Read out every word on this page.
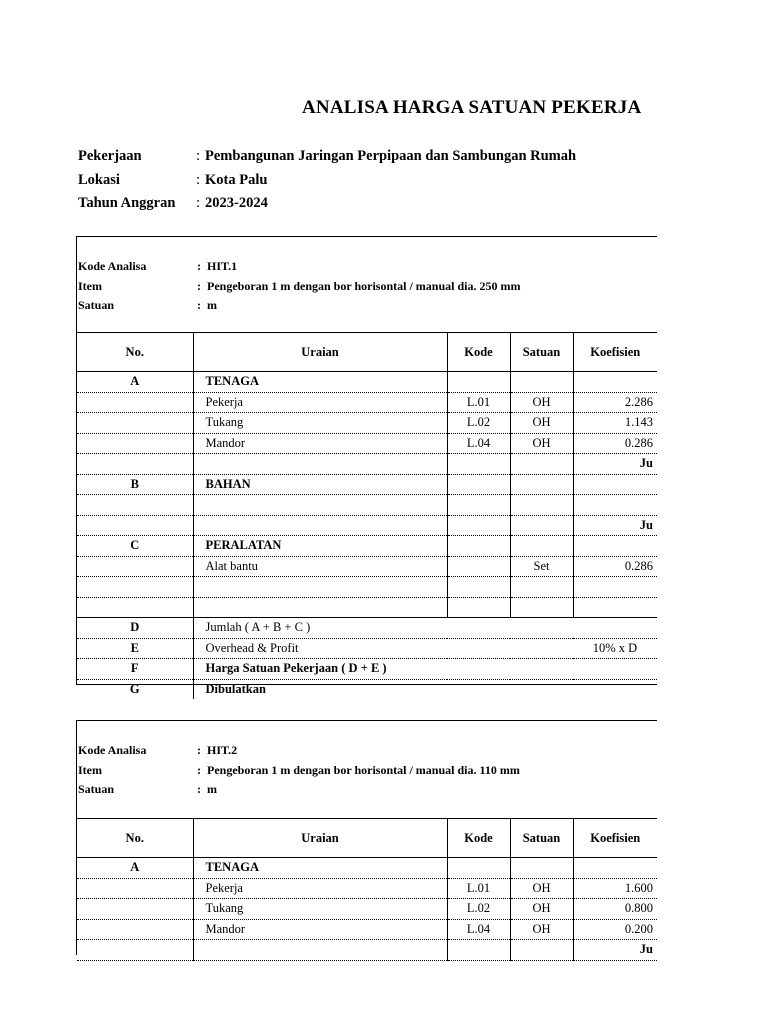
ANALISA HARGA SATUAN PEKERJA
Pekerjaan	: Pembangunan Jaringan Perpipaan dan Sambungan Rumah
Lokasi	: Kota Palu
Tahun Anggran	: 2023-2024
Kode Analisa	: HIT.1
Item	: Pengeboran 1 m dengan bor horisontal / manual dia. 250 mm
Satuan	: m
No.	Uraian	Kode	Satuan	Koefisien
A	TENAGA			
	Pekerja	L.01	OH	2.286
	Tukang	L.02	OH	1.143
	Mandor	L.04	OH	0.286
				Ju
B	BAHAN			

				Ju
C	PERALATAN			
	Alat bantu		Set	0.286

D	Jumlah ( A + B + C )			
E	Overhead & Profit			10% x D
F	Harga Satuan Pekerjaan ( D + E )			
G	Dibulatkan			
Kode Analisa	: HIT.2
Item	: Pengeboran 1 m dengan bor horisontal / manual dia. 110 mm
Satuan	: m
No.	Uraian	Kode	Satuan	Koefisien
A	TENAGA			
	Pekerja	L.01	OH	1.600
	Tukang	L.02	OH	0.800
	Mandor	L.04	OH	0.200
				Ju
